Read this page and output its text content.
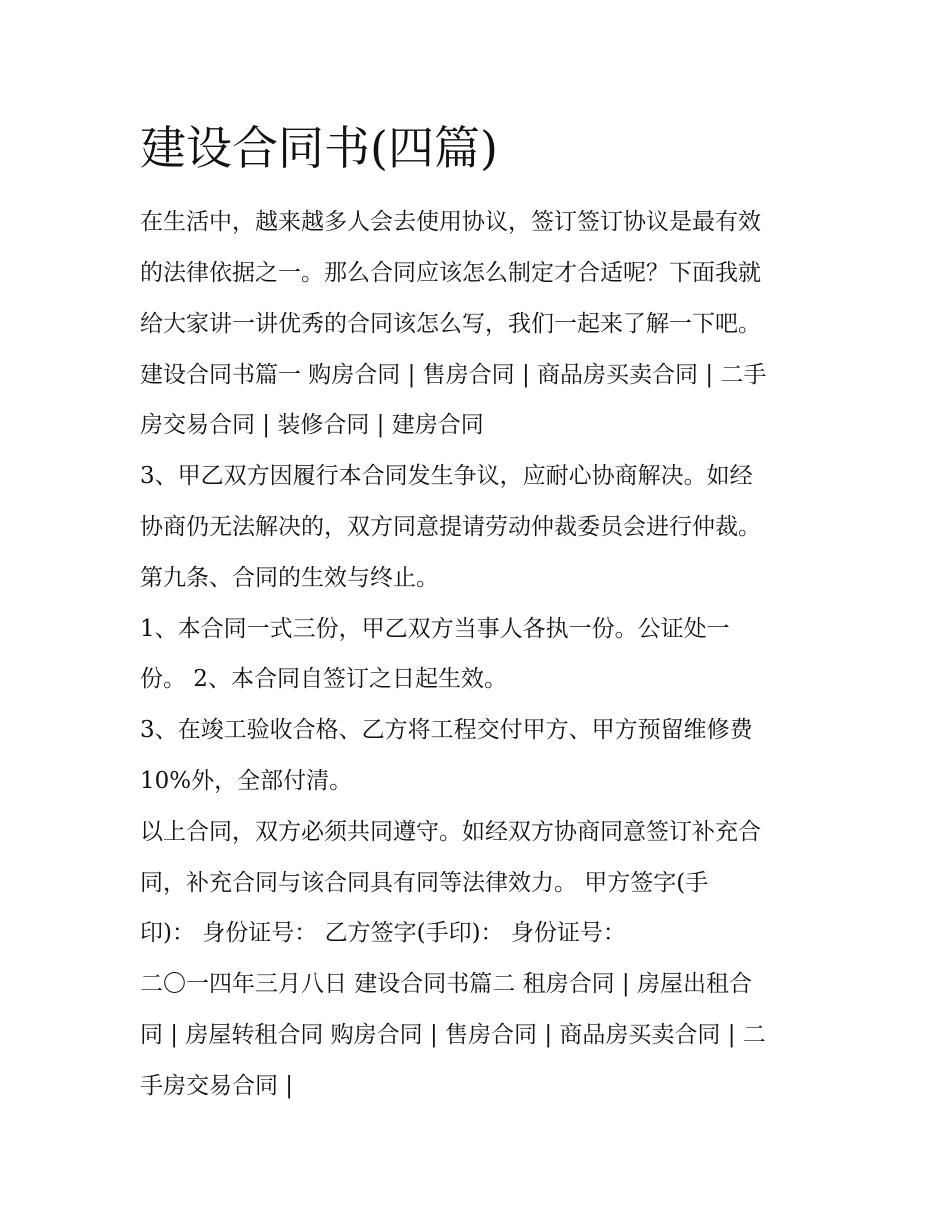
建设合同书(四篇)

在生活中，越来越多人会去使用协议，签订签订协议是最有效

的法律依据之一。那么合同应该怎么制定才合适呢？下面我就

给大家讲一讲优秀的合同该怎么写，我们一起来了解一下吧。

建设合同书篇一 购房合同 | 售房合同 | 商品房买卖合同 | 二手

房交易合同 | 装修合同 | 建房合同

3、甲乙双方因履行本合同发生争议，应耐心协商解决。如经

协商仍无法解决的，双方同意提请劳动仲裁委员会进行仲裁。

第九条、合同的生效与终止。

1、本合同一式三份，甲乙双方当事人各执一份。公证处一

份。 2、本合同自签订之日起生效。

3、在竣工验收合格、乙方将工程交付甲方、甲方预留维修费

10%外，全部付清。

以上合同，双方必须共同遵守。如经双方协商同意签订补充合

同，补充合同与该合同具有同等法律效力。 甲方签字(手

印)： 身份证号： 乙方签字(手印)： 身份证号：

二〇一四年三月八日 建设合同书篇二 租房合同 | 房屋出租合

同 | 房屋转租合同 购房合同 | 售房合同 | 商品房买卖合同 | 二

手房交易合同 |
